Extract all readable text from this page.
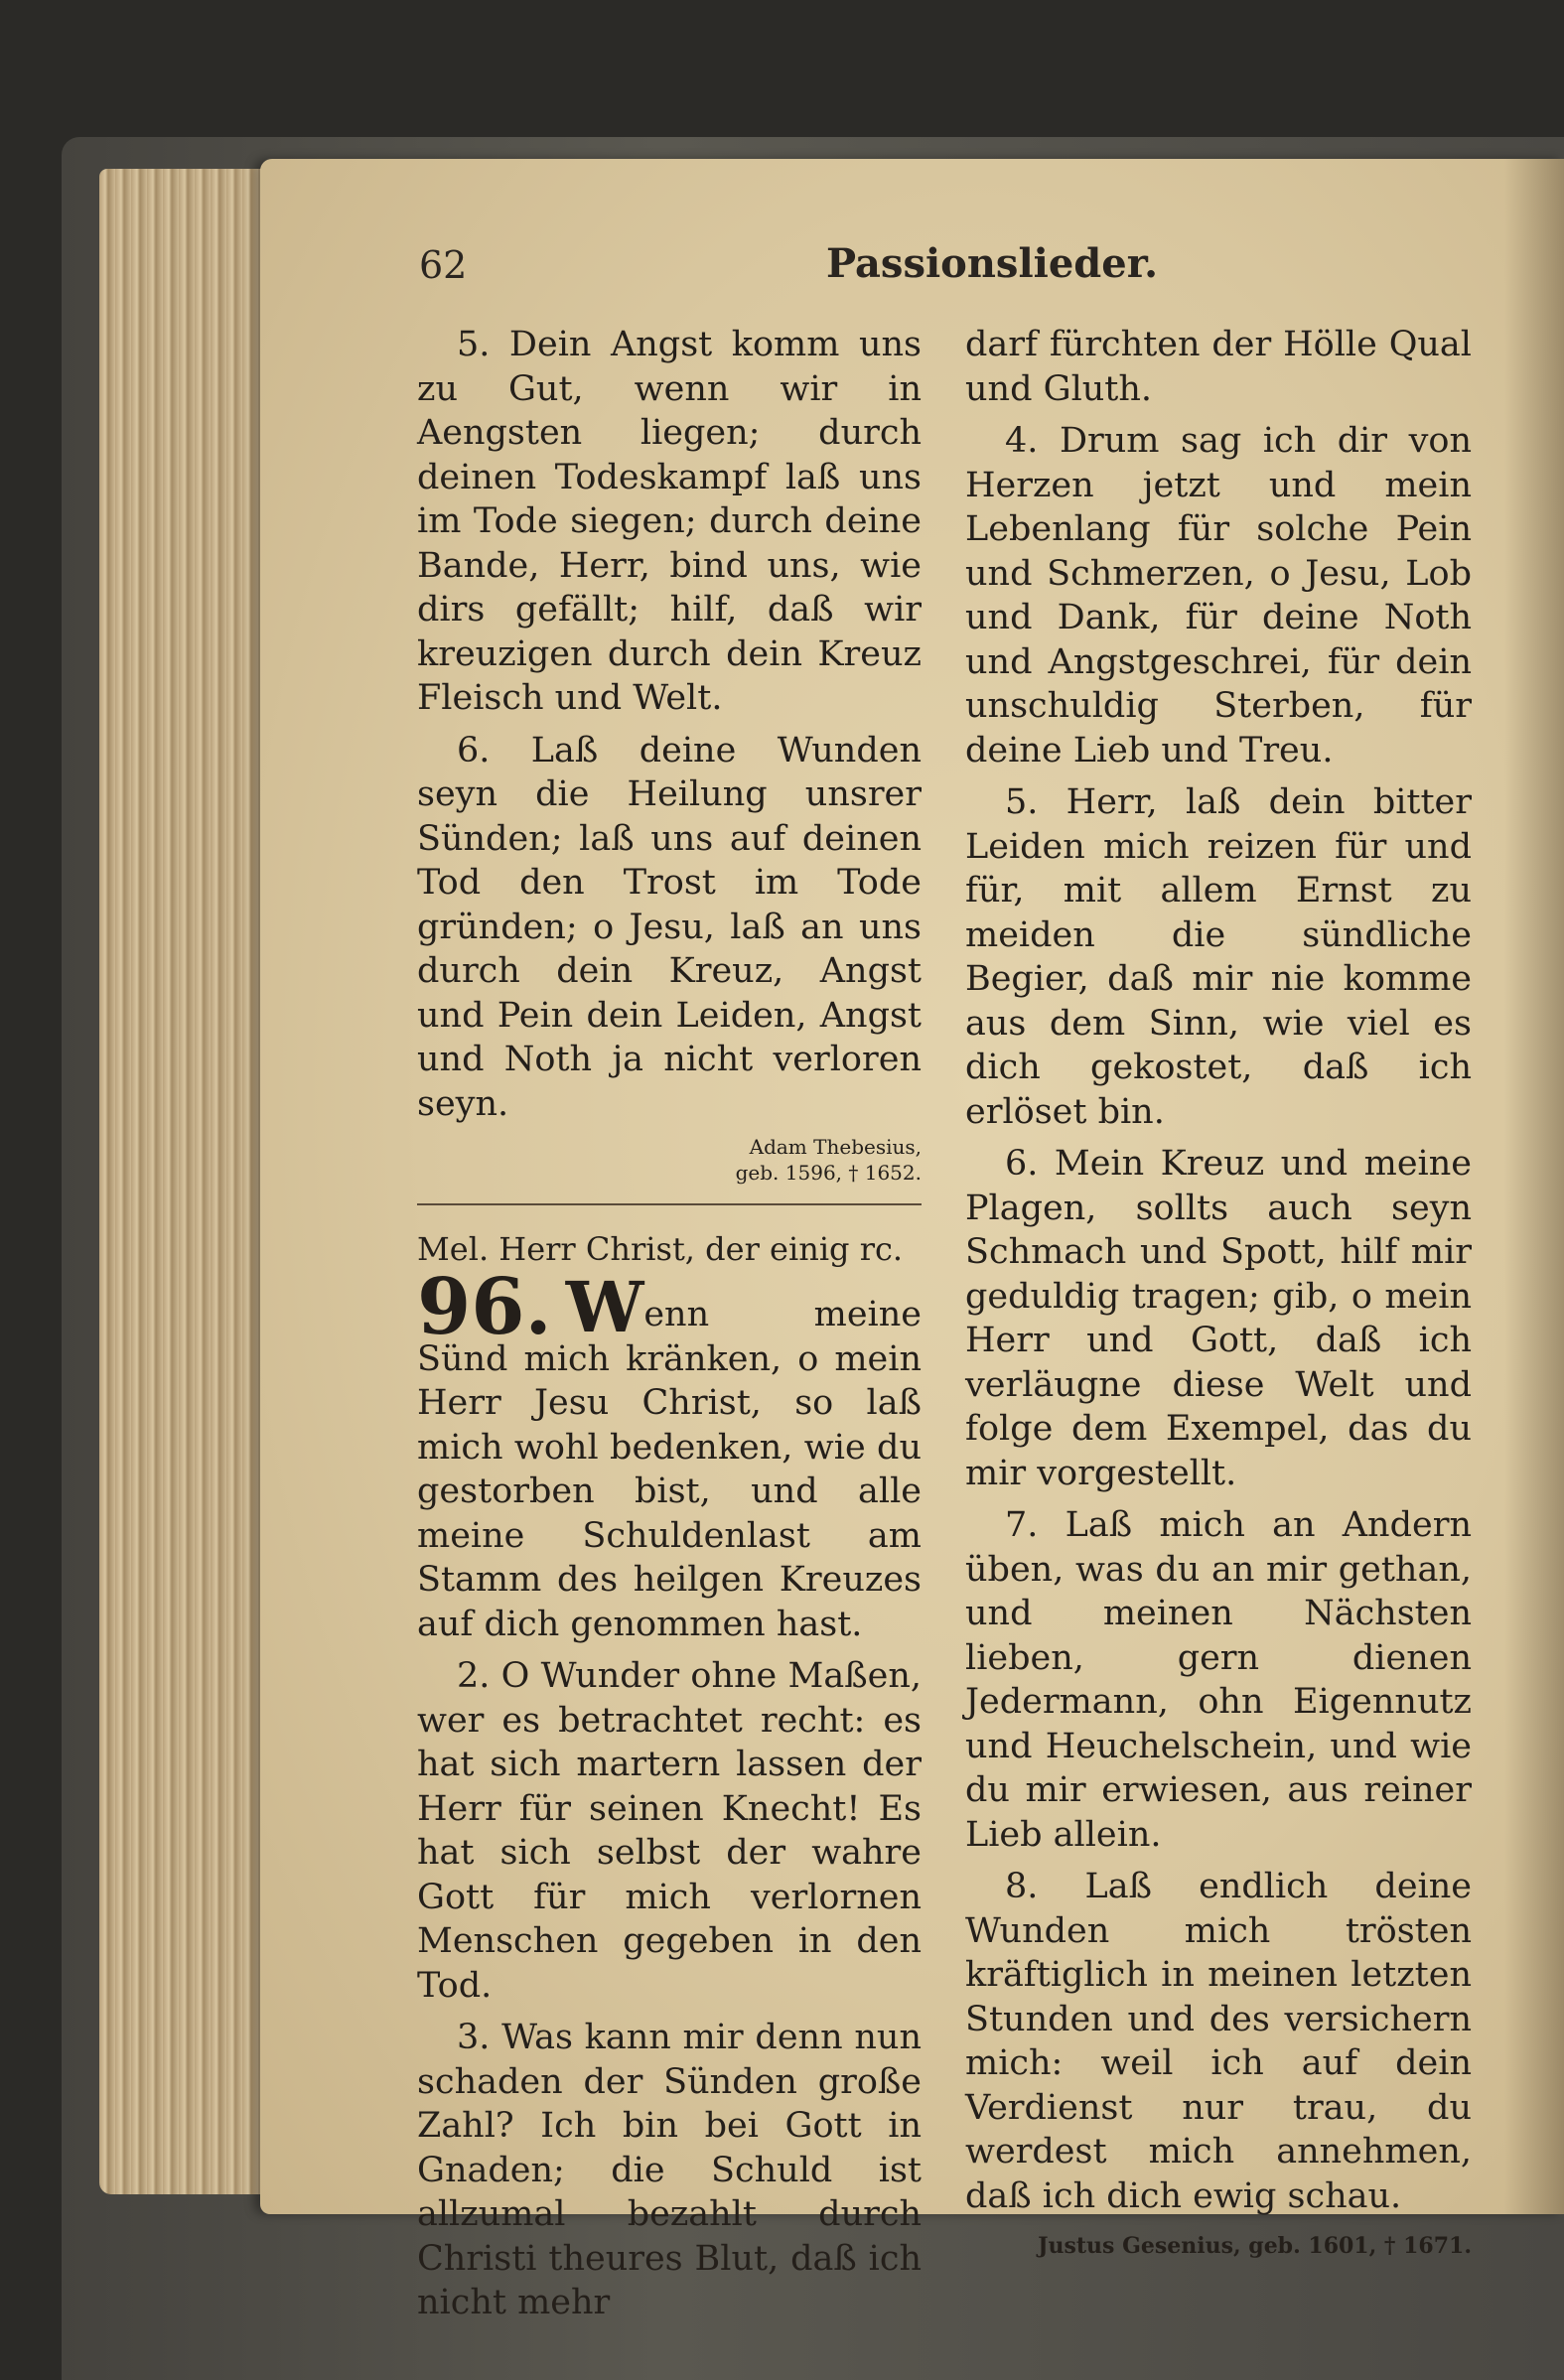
62	Passionslieder.

5. Dein Angst komm uns zu Gut, wenn wir in Aengsten liegen; durch deinen Todeskampf laß uns im Tode siegen; durch deine Bande, Herr, bind uns, wie dirs gefällt; hilf, daß wir kreuzigen durch dein Kreuz Fleisch und Welt.

6. Laß deine Wunden seyn die Heilung unsrer Sünden; laß uns auf deinen Tod den Trost im Tode gründen; o Jesu, laß an uns durch dein Kreuz, Angst und Pein dein Leiden, Angst und Noth ja nicht verloren seyn.

Adam Thebesius,
geb. 1596, † 1652.

Mel. Herr Christ, der einig rc.

96. Wenn meine Sünd mich kränken, o mein Herr Jesu Christ, so laß mich wohl bedenken, wie du gestorben bist, und alle meine Schuldenlast am Stamm des heilgen Kreuzes auf dich genommen hast.

2. O Wunder ohne Maßen, wer es betrachtet recht: es hat sich martern lassen der Herr für seinen Knecht! Es hat sich selbst der wahre Gott für mich verlornen Menschen gegeben in den Tod.

3. Was kann mir denn nun schaden der Sünden große Zahl? Ich bin bei Gott in Gnaden; die Schuld ist allzumal bezahlt durch Christi theures Blut, daß ich nicht mehr

darf fürchten der Hölle Qual und Gluth.

4. Drum sag ich dir von Herzen jetzt und mein Lebenlang für solche Pein und Schmerzen, o Jesu, Lob und Dank, für deine Noth und Angstgeschrei, für dein unschuldig Sterben, für deine Lieb und Treu.

5. Herr, laß dein bitter Leiden mich reizen für und für, mit allem Ernst zu meiden die sündliche Begier, daß mir nie komme aus dem Sinn, wie viel es dich gekostet, daß ich erlöset bin.

6. Mein Kreuz und meine Plagen, sollts auch seyn Schmach und Spott, hilf mir geduldig tragen; gib, o mein Herr und Gott, daß ich verläugne diese Welt und folge dem Exempel, das du mir vorgestellt.

7. Laß mich an Andern üben, was du an mir gethan, und meinen Nächsten lieben, gern dienen Jedermann, ohn Eigennutz und Heuchelschein, und wie du mir erwiesen, aus reiner Lieb allein.

8. Laß endlich deine Wunden mich trösten kräftiglich in meinen letzten Stunden und des versichern mich: weil ich auf dein Verdienst nur trau, du werdest mich annehmen, daß ich dich ewig schau.

Justus Gesenius, geb. 1601, † 1671.
